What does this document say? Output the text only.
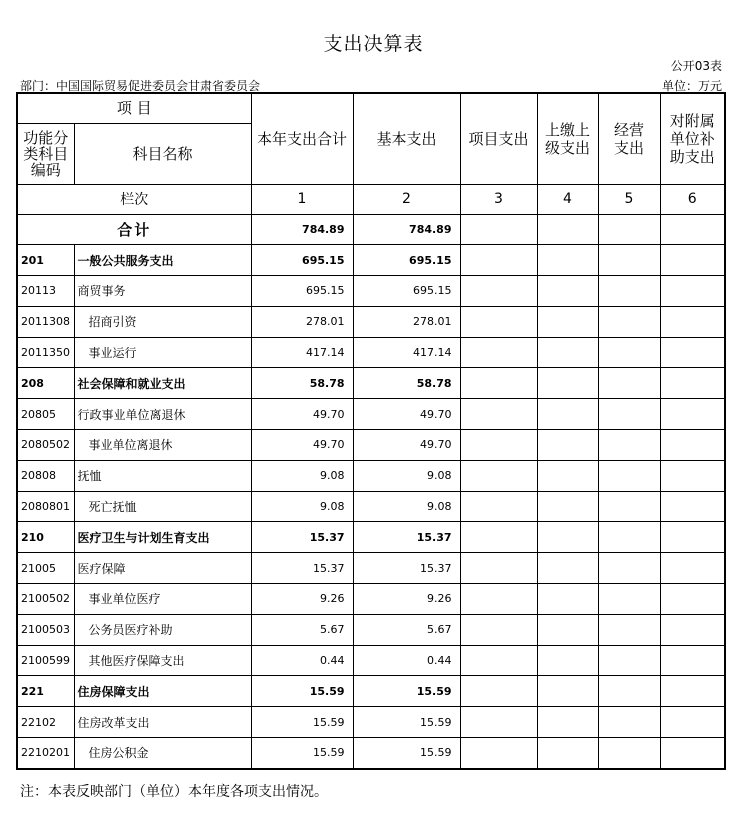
支出决算表
公开03表
部门：中国国际贸易促进委员会甘肃省委员会	单位：万元
项 目		本年支出合计	基本支出	项目支出	上缴上级支出	经营支出	对附属单位补助支出
功能分类科目编码	科目名称						
栏次		1	2	3	4	5	6
合计		784.89	784.89				
201	一般公共服务支出	695.15	695.15				
20113	商贸事务	695.15	695.15				
2011308	招商引资	278.01	278.01				
2011350	事业运行	417.14	417.14				
208	社会保障和就业支出	58.78	58.78				
20805	行政事业单位离退休	49.70	49.70				
2080502	事业单位离退休	49.70	49.70				
20808	抚恤	9.08	9.08				
2080801	死亡抚恤	9.08	9.08				
210	医疗卫生与计划生育支出	15.37	15.37				
21005	医疗保障	15.37	15.37				
2100502	事业单位医疗	9.26	9.26				
2100503	公务员医疗补助	5.67	5.67				
2100599	其他医疗保障支出	0.44	0.44				
221	住房保障支出	15.59	15.59				
22102	住房改革支出	15.59	15.59				
2210201	住房公积金	15.59	15.59				
注：本表反映部门（单位）本年度各项支出情况。
